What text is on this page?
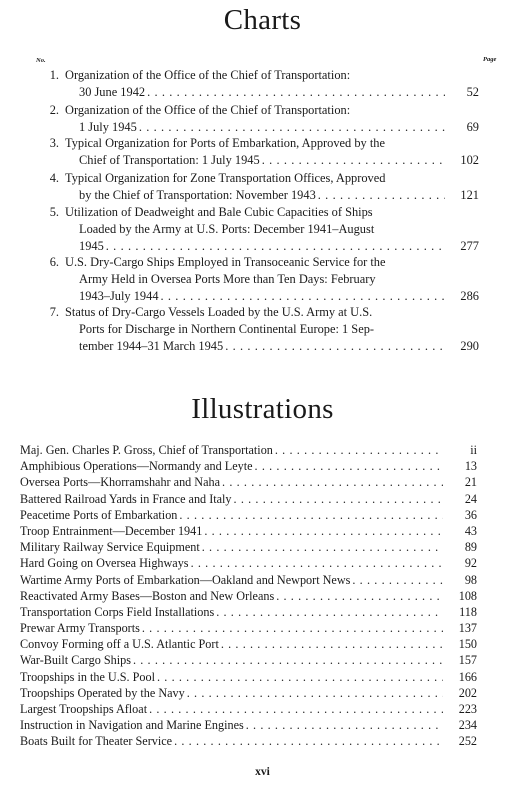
Charts
No.	Page
1. Organization of the Office of the Chief of Transportation:
30 June 1942 . . .	52
2. Organization of the Office of the Chief of Transportation:
1 July 1945 . . .	69
3. Typical Organization for Ports of Embarkation, Approved by the
Chief of Transportation: 1 July 1945 . . .	102
4. Typical Organization for Zone Transportation Offices, Approved
by the Chief of Transportation: November 1943 . . .	121
5. Utilization of Deadweight and Bale Cubic Capacities of Ships
Loaded by the Army at U.S. Ports: December 1941–August
1945 . . .	277
6. U.S. Dry-Cargo Ships Employed in Transoceanic Service for the
Army Held in Oversea Ports More than Ten Days: February
1943–July 1944 . . .	286
7. Status of Dry-Cargo Vessels Loaded by the U.S. Army at U.S.
Ports for Discharge in Northern Continental Europe: 1 Sep-
tember 1944–31 March 1945 . . .	290
Illustrations
Maj. Gen. Charles P. Gross, Chief of Transportation . . .	ii
Amphibious Operations—Normandy and Leyte . . .	13
Oversea Ports—Khorramshahr and Naha . . .	21
Battered Railroad Yards in France and Italy . . .	24
Peacetime Ports of Embarkation . . .	36
Troop Entrainment—December 1941 . . .	43
Military Railway Service Equipment . . .	89
Hard Going on Oversea Highways . . .	92
Wartime Army Ports of Embarkation—Oakland and Newport News . . .	98
Reactivated Army Bases—Boston and New Orleans . . .	108
Transportation Corps Field Installations . . .	118
Prewar Army Transports . . .	137
Convoy Forming off a U.S. Atlantic Port . . .	150
War-Built Cargo Ships . . .	157
Troopships in the U.S. Pool . . .	166
Troopships Operated by the Navy . . .	202
Largest Troopships Afloat . . .	223
Instruction in Navigation and Marine Engines . . .	234
Boats Built for Theater Service . . .	252
xvi
